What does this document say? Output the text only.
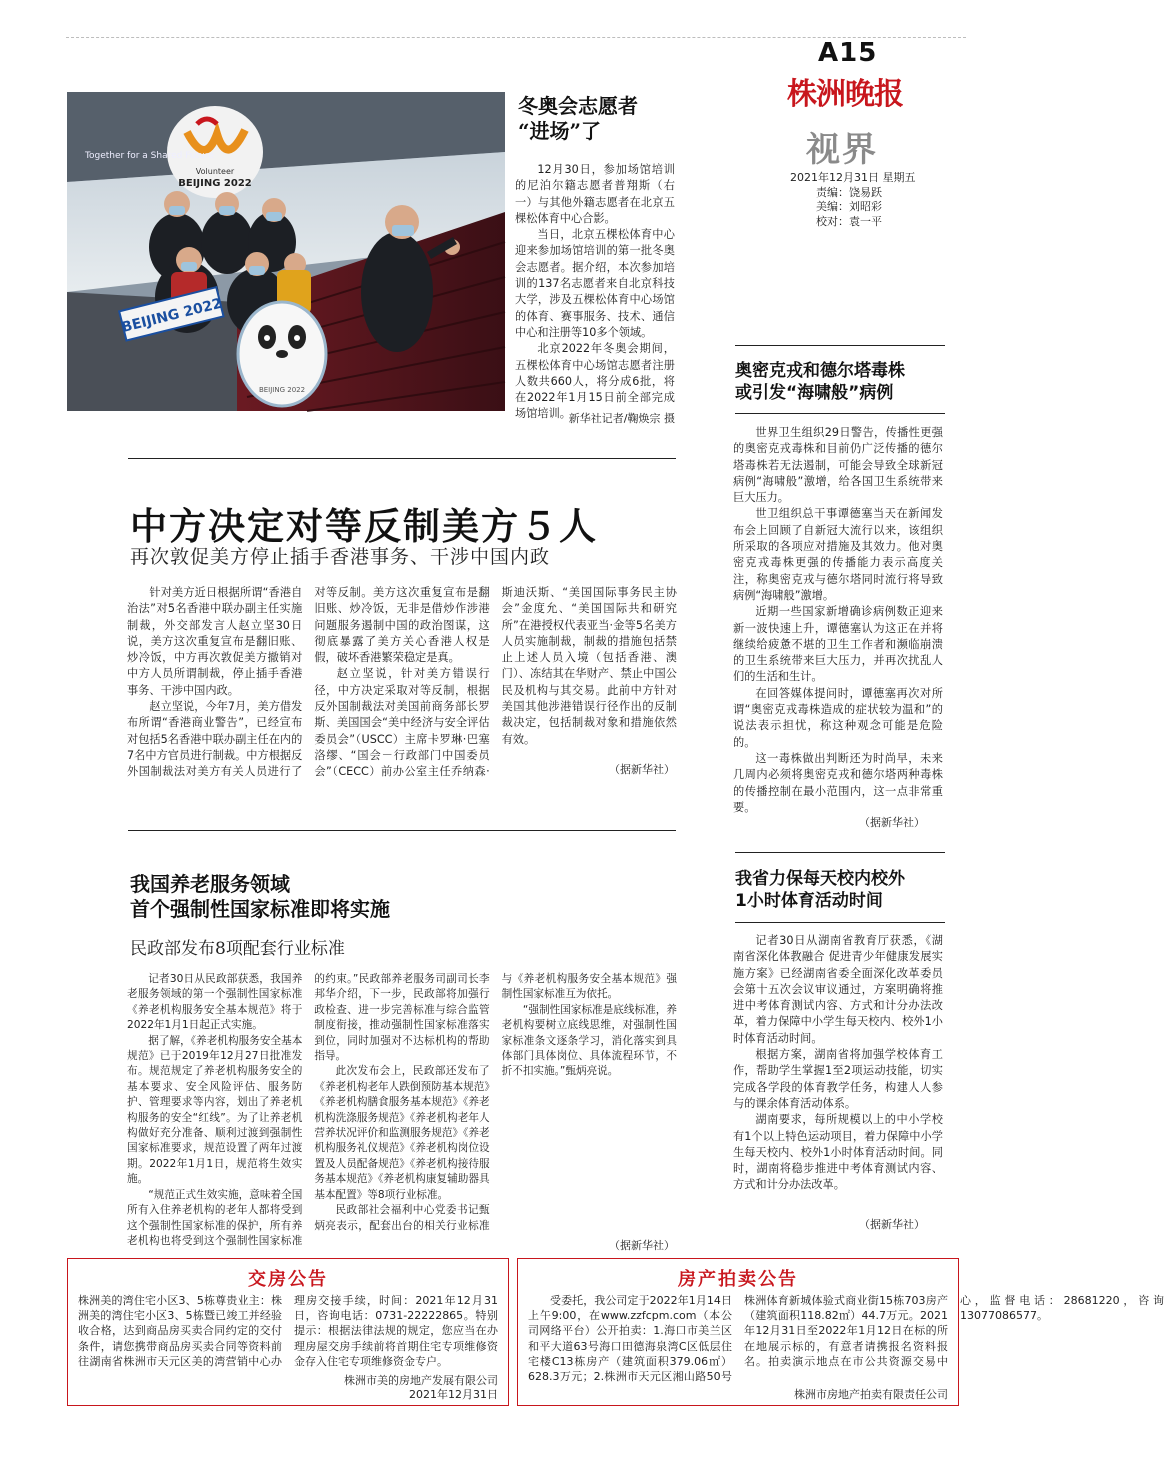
A15
株洲晚报
视界
2021年12月31日 星期五
责编：饶易跃
美编：刘昭彩
校对：袁一平
Volunteer
BEIJING 2022
Together for a Shared Future
BEIJING 2022
BEIJING 2022
冬奥会志愿者
“进场”了

12月30日，参加场馆培训的尼泊尔籍志愿者普翔斯（右一）与其他外籍志愿者在北京五棵松体育中心合影。

当日，北京五棵松体育中心迎来参加场馆培训的第一批冬奥会志愿者。据介绍，本次参加培训的137名志愿者来自北京科技大学，涉及五棵松体育中心场馆的体育、赛事服务、技术、通信中心和注册等10多个领域。

北京2022年冬奥会期间，五棵松体育中心场馆志愿者注册人数共660人，将分成6批，将在2022年1月15日前全部完成场馆培训。

新华社记者/鞠焕宗 摄
中方决定对等反制美方５人
再次敦促美方停止插手香港事务、干涉中国内政

针对美方近日根据所谓“香港自治法”对5名香港中联办副主任实施制裁，外交部发言人赵立坚30日说，美方这次重复宣布是翻旧账、炒冷饭，中方再次敦促美方撤销对中方人员所谓制裁，停止插手香港事务、干涉中国内政。

赵立坚说，今年7月，美方借发布所谓“香港商业警告”，已经宣布对包括5名香港中联办副主任在内的7名中方官员进行制裁。中方根据反外国制裁法对美方有关人员进行了对等反制。美方这次重复宣布是翻旧账、炒冷饭，无非是借炒作涉港问题服务遏制中国的政治图谋，这彻底暴露了美方关心香港人权是假，破坏香港繁荣稳定是真。

赵立坚说，针对美方错误行径，中方决定采取对等反制，根据反外国制裁法对美国前商务部长罗斯、美国国会“美中经济与安全评估委员会”（USCC）主席卡罗琳·巴塞洛缪、“国会－行政部门中国委员会”（CECC）前办公室主任乔纳森·斯迪沃斯、“美国国际事务民主协会”金度允、“美国国际共和研究所”在港授权代表亚当·金等5名美方人员实施制裁，制裁的措施包括禁止上述人员入境（包括香港、澳门）、冻结其在华财产、禁止中国公民及机构与其交易。此前中方针对美国其他涉港错误行径作出的反制裁决定，包括制裁对象和措施依然有效。

（据新华社）
奥密克戎和德尔塔毒株
或引发“海啸般”病例

世界卫生组织29日警告，传播性更强的奥密克戎毒株和目前仍广泛传播的德尔塔毒株若无法遏制，可能会导致全球新冠病例“海啸般”激增，给各国卫生系统带来巨大压力。

世卫组织总干事谭德塞当天在新闻发布会上回顾了自新冠大流行以来，该组织所采取的各项应对措施及其效力。他对奥密克戎毒株更强的传播能力表示高度关注，称奥密克戎与德尔塔同时流行将导致病例“海啸般”激增。

近期一些国家新增确诊病例数正迎来新一波快速上升，谭德塞认为这正在并将继续给疲惫不堪的卫生工作者和濒临崩溃的卫生系统带来巨大压力，并再次扰乱人们的生活和生计。

在回答媒体提问时，谭德塞再次对所谓“奥密克戎毒株造成的症状较为温和”的说法表示担忧，称这种观念可能是危险的。

这一毒株做出判断还为时尚早，未来几周内必须将奥密克戎和德尔塔两种毒株的传播控制在最小范围内，这一点非常重要。

（据新华社）
我省力保每天校内校外
1小时体育活动时间

记者30日从湖南省教育厅获悉，《湖南省深化体教融合 促进青少年健康发展实施方案》已经湖南省委全面深化改革委员会第十五次会议审议通过，方案明确将推进中考体育测试内容、方式和计分办法改革，着力保障中小学生每天校内、校外1小时体育活动时间。

根据方案，湖南省将加强学校体育工作，帮助学生掌握1至2项运动技能，切实完成各学段的体育教学任务，构建人人参与的课余体育活动体系。

湖南要求，每所规模以上的中小学校有1个以上特色运动项目，着力保障中小学生每天校内、校外1小时体育活动时间。同时，湖南将稳步推进中考体育测试内容、方式和计分办法改革。

（据新华社）
我国养老服务领域
首个强制性国家标准即将实施
民政部发布8项配套行业标准

记者30日从民政部获悉，我国养老服务领域的第一个强制性国家标准《养老机构服务安全基本规范》将于2022年1月1日起正式实施。

据了解，《养老机构服务安全基本规范》已于2019年12月27日批准发布。规范规定了养老机构服务安全的基本要求、安全风险评估、服务防护、管理要求等内容，划出了养老机构服务的安全“红线”。为了让养老机构做好充分准备、顺利过渡到强制性国家标准要求，规范设置了两年过渡期。2022年1月1日，规范将生效实施。

“规范正式生效实施，意味着全国所有入住养老机构的老年人都将受到这个强制性国家标准的保护，所有养老机构也将受到这个强制性国家标准的约束。”民政部养老服务司副司长李邦华介绍，下一步，民政部将加强行政检查、进一步完善标准与综合监管制度衔接，推动强制性国家标准落实到位，同时加强对不达标机构的帮助指导。

此次发布会上，民政部还发布了《养老机构老年人跌倒预防基本规范》《养老机构膳食服务基本规范》《养老机构洗涤服务规范》《养老机构老年人营养状况评价和监测服务规范》《养老机构服务礼仪规范》《养老机构岗位设置及人员配备规范》《养老机构接待服务基本规范》《养老机构康复辅助器具基本配置》等8项行业标准。

民政部社会福利中心党委书记甄炳亮表示，配套出台的相关行业标准与《养老机构服务安全基本规范》强制性国家标准互为依托。

“强制性国家标准是底线标准，养老机构要树立底线思维，对强制性国家标准条文逐条学习，消化落实到具体部门具体岗位、具体流程环节，不折不扣实施。”甄炳亮说。

（据新华社）
交房公告
株洲美的湾住宅小区3、5栋尊贵业主：株洲美的湾住宅小区3、5栋暨已竣工并经验收合格，达到商品房买卖合同约定的交付条件，请您携带商品房买卖合同等资料前往湖南省株洲市天元区美的湾营销中心办理房交接手续，时间：2021年12月31日，咨询电话：0731-22222865。特别提示：根据法律法规的规定，您应当在办理房屋交房手续前将首期住宅专项维修资金存入住宅专项维修资金专户。
株洲市美的房地产发展有限公司
2021年12月31日
房产拍卖公告
受委托，我公司定于2022年1月14日上午9:00，在www.zzfcpm.com（本公司网络平台）公开拍卖：1.海口市美兰区和平大道63号海口田德海泉湾C区低层住宅楼C13栋房产（建筑面积379.06㎡）628.3万元；2.株洲市天元区湘山路50号株洲体育新城体验式商业街15栋703房产（建筑面积118.82㎡）44.7万元。2021年12月31日至2022年1月12日在标的所在地展示标的，有意者请携报名资料报名。拍卖演示地点在市公共资源交易中心，监督电话：28681220，咨询13077086577。
株洲市房地产拍卖有限责任公司
